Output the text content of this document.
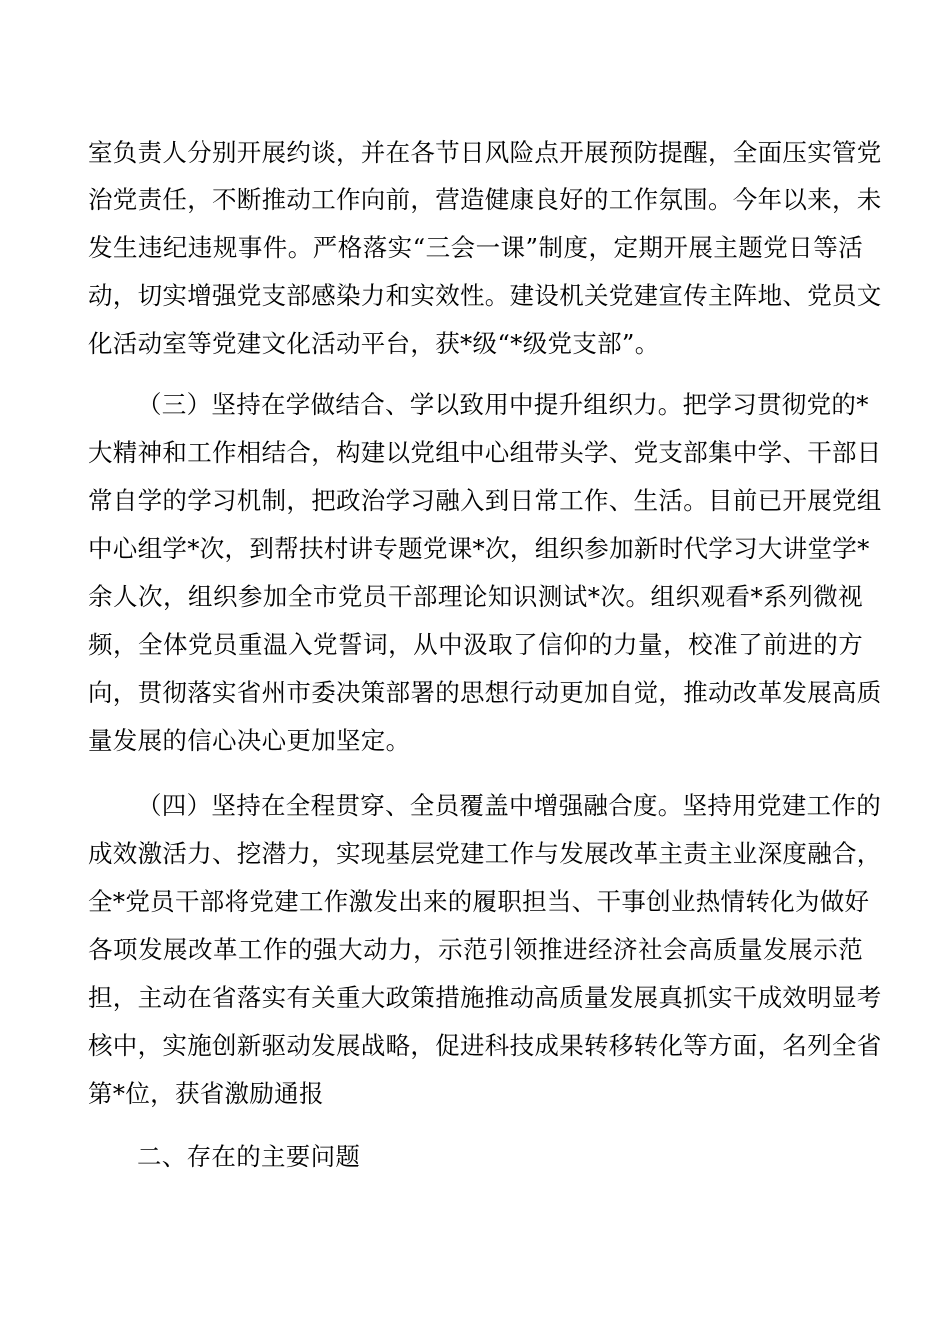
室负责人分别开展约谈，并在各节日风险点开展预防提醒，全面压实管党
治党责任，不断推动工作向前，营造健康良好的工作氛围。今年以来，未
发生违纪违规事件。严格落实“三会一课”制度，定期开展主题党日等活
动，切实增强党支部感染力和实效性。建设机关党建宣传主阵地、党员文
化活动室等党建文化活动平台，获*级“*级党支部”。
（三）坚持在学做结合、学以致用中提升组织力。把学习贯彻党的*
大精神和工作相结合，构建以党组中心组带头学、党支部集中学、干部日
常自学的学习机制，把政治学习融入到日常工作、生活。目前已开展党组
中心组学*次，到帮扶村讲专题党课*次，组织参加新时代学习大讲堂学*
余人次，组织参加全市党员干部理论知识测试*次。组织观看*系列微视
频，全体党员重温入党誓词，从中汲取了信仰的力量，校准了前进的方
向，贯彻落实省州市委决策部署的思想行动更加自觉，推动改革发展高质
量发展的信心决心更加坚定。
（四）坚持在全程贯穿、全员覆盖中增强融合度。坚持用党建工作的
成效激活力、挖潜力，实现基层党建工作与发展改革主责主业深度融合，
全*党员干部将党建工作激发出来的履职担当、干事创业热情转化为做好
各项发展改革工作的强大动力，示范引领推进经济社会高质量发展示范
担，主动在省落实有关重大政策措施推动高质量发展真抓实干成效明显考
核中，实施创新驱动发展战略，促进科技成果转移转化等方面，名列全省
第*位，获省激励通报
二、存在的主要问题
